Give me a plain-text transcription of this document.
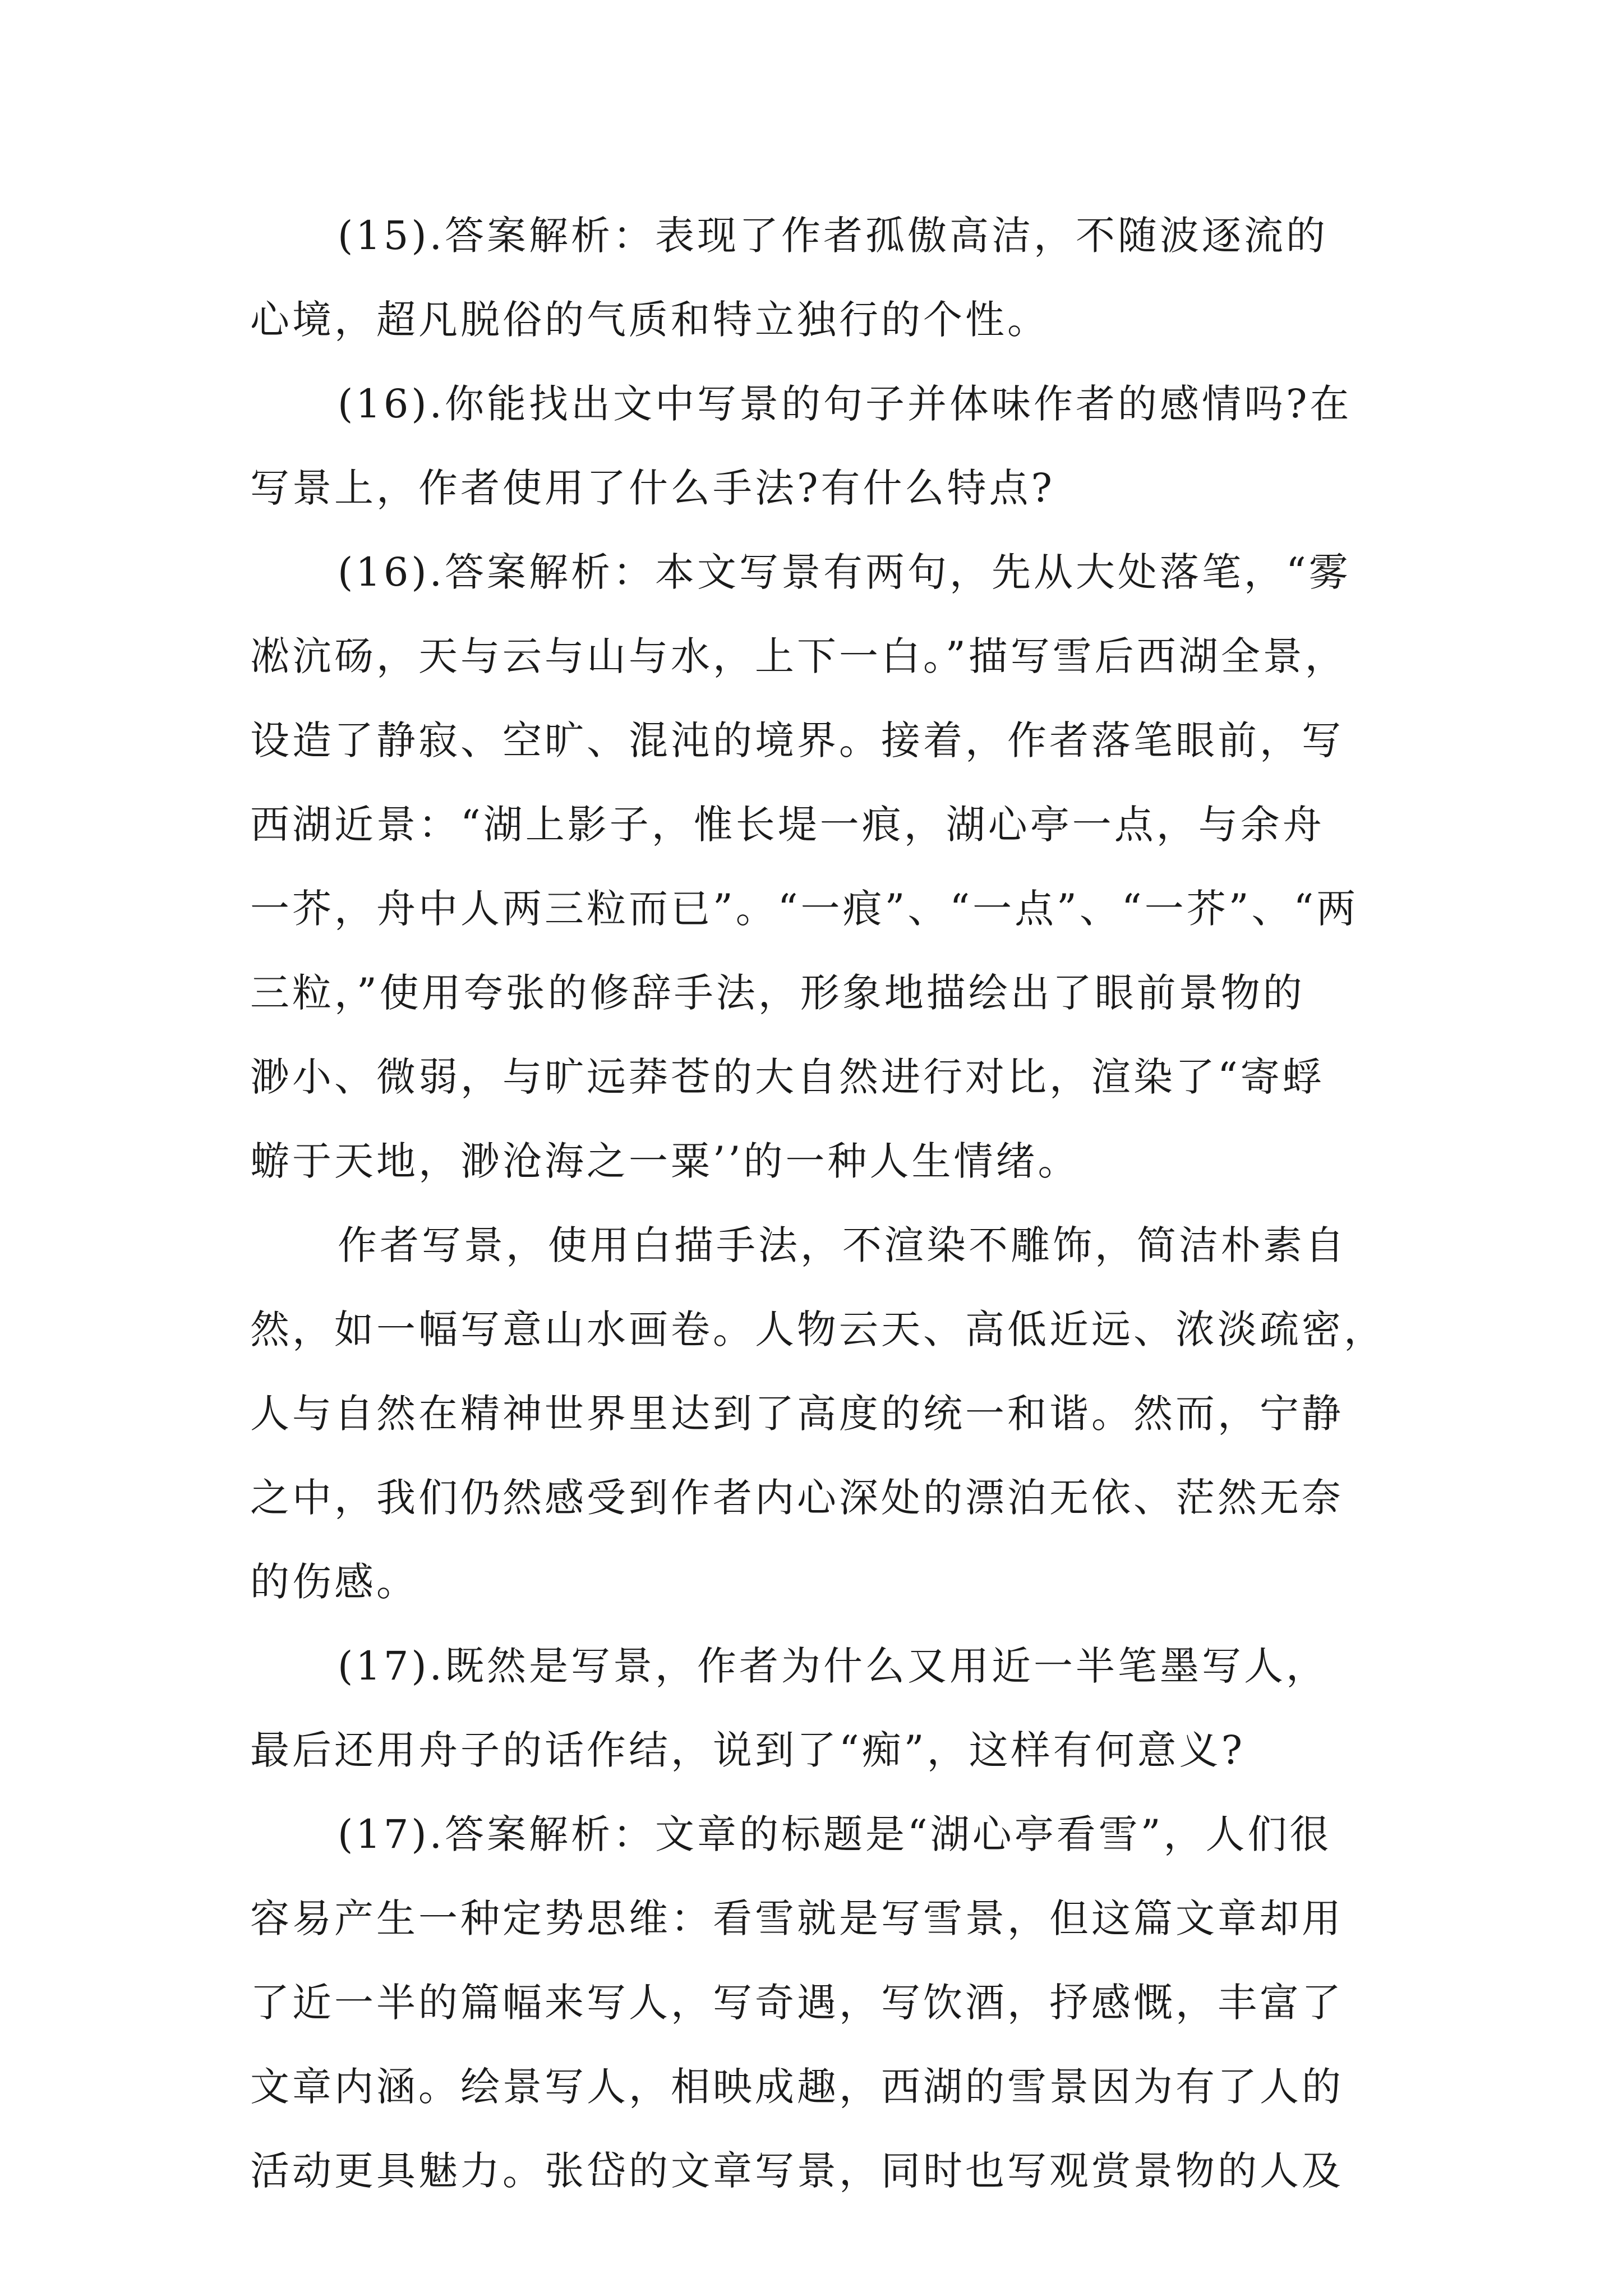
(15).答案解析：表现了作者孤傲高洁，不随波逐流的
心境，超凡脱俗的气质和特立独行的个性。
(16).你能找出文中写景的句子并体味作者的感情吗?在
写景上，作者使用了什么手法?有什么特点?
(16).答案解析：本文写景有两句，先从大处落笔，“雾
凇沆砀，天与云与山与水，上下一白。”描写雪后西湖全景，
设造了静寂、空旷、混沌的境界。接着，作者落笔眼前，写
西湖近景：“湖上影子，惟长堤一痕，湖心亭一点，与余舟
一芥，舟中人两三粒而已”。“一痕”、“一点”、“一芥”、“两
三粒，”使用夸张的修辞手法，形象地描绘出了眼前景物的
渺小、微弱，与旷远莽苍的大自然进行对比，渲染了“寄蜉
蝣于天地，渺沧海之一粟’’的一种人生情绪。
作者写景，使用白描手法，不渲染不雕饰，简洁朴素自
然，如一幅写意山水画卷。人物云天、高低近远、浓淡疏密，
人与自然在精神世界里达到了高度的统一和谐。然而，宁静
之中，我们仍然感受到作者内心深处的漂泊无依、茫然无奈
的伤感。
(17).既然是写景，作者为什么又用近一半笔墨写人，
最后还用舟子的话作结，说到了“痴”，这样有何意义?
(17).答案解析：文章的标题是“湖心亭看雪”，人们很
容易产生一种定势思维：看雪就是写雪景，但这篇文章却用
了近一半的篇幅来写人，写奇遇，写饮酒，抒感慨，丰富了
文章内涵。绘景写人，相映成趣，西湖的雪景因为有了人的
活动更具魅力。张岱的文章写景，同时也写观赏景物的人及
